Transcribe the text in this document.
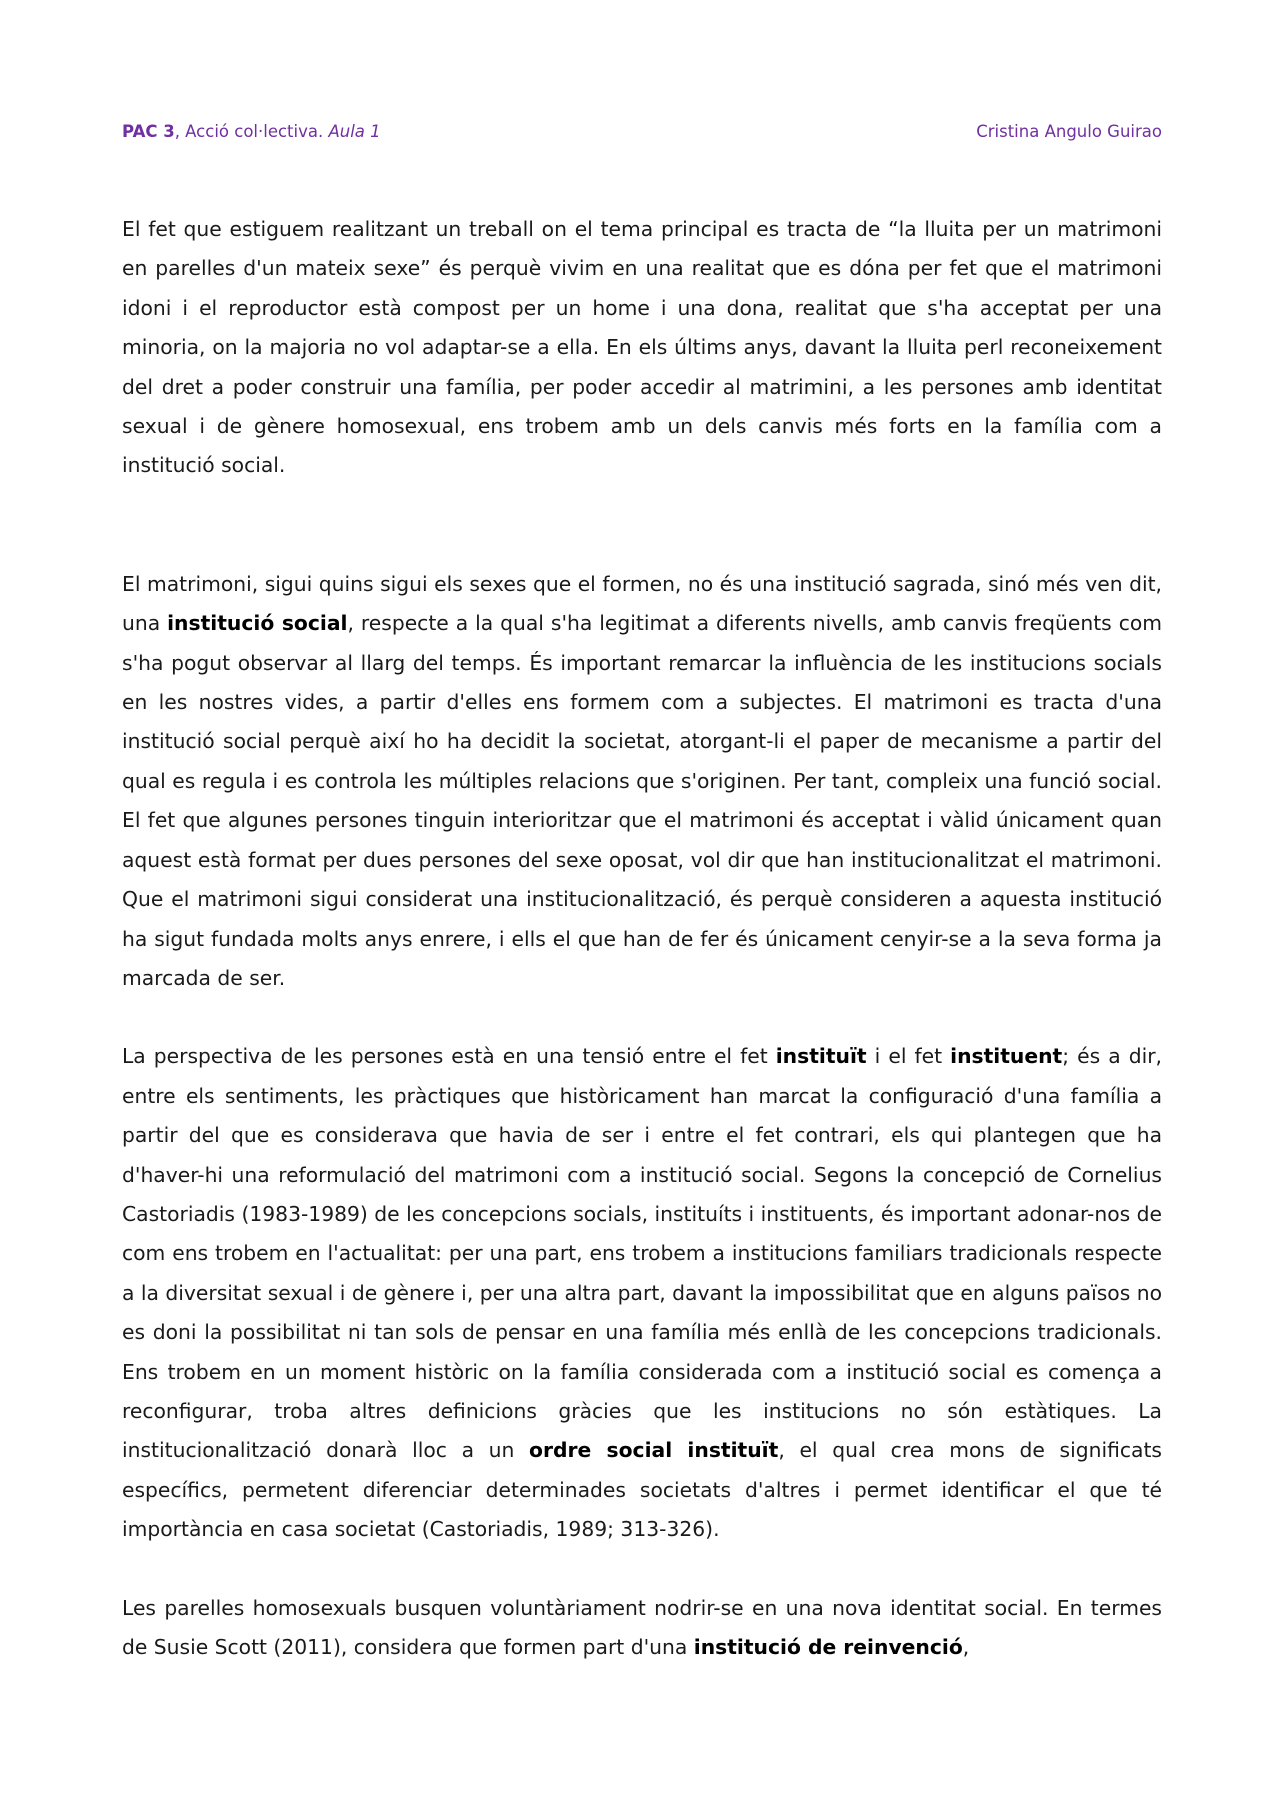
PAC 3, Acció col·lectiva. Aula 1	Cristina Angulo Guirao

El fet que estiguem realitzant un treball on el tema principal es tracta de “la lluita per un matrimoni en parelles d'un mateix sexe” és perquè vivim en una realitat que es dóna per fet que el matrimoni idoni i el reproductor està compost per un home i una dona, realitat que s'ha acceptat per una minoria, on la majoria no vol adaptar-se a ella. En els últims anys, davant la lluita perl reconeixement del dret a poder construir una família, per poder accedir al matrimini, a les persones amb identitat sexual i de gènere homosexual, ens trobem amb un dels canvis més forts en la família com a institució social.

El matrimoni, sigui quins sigui els sexes que el formen, no és una institució sagrada, sinó més ven dit, una institució social, respecte a la qual s'ha legitimat a diferents nivells, amb canvis freqüents com s'ha pogut observar al llarg del temps. És important remarcar la influència de les institucions socials en les nostres vides, a partir d'elles ens formem com a subjectes. El matrimoni es tracta d'una institució social perquè així ho ha decidit la societat, atorgant-li el paper de mecanisme a partir del qual es regula i es controla les múltiples relacions que s'originen. Per tant, compleix una funció social. El fet que algunes persones tinguin interioritzar que el matrimoni és acceptat i vàlid únicament quan aquest està format per dues persones del sexe oposat, vol dir que han institucionalitzat el matrimoni. Que el matrimoni sigui considerat una institucionalització, és perquè consideren a aquesta institució ha sigut fundada molts anys enrere, i ells el que han de fer és únicament cenyir-se a la seva forma ja marcada de ser.

La perspectiva de les persones està en una tensió entre el fet instituït i el fet instituent; és a dir, entre els sentiments, les pràctiques que històricament han marcat la configuració d'una família a partir del que es considerava que havia de ser i entre el fet contrari, els qui plantegen que ha d'haver-hi una reformulació del matrimoni com a institució social. Segons la concepció de Cornelius Castoriadis (1983-1989) de les concepcions socials, instituíts i instituents, és important adonar-nos de com ens trobem en l'actualitat: per una part, ens trobem a institucions familiars tradicionals respecte a la diversitat sexual i de gènere i, per una altra part, davant la impossibilitat que en alguns països no es doni la possibilitat ni tan sols de pensar en una família més enllà de les concepcions tradicionals. Ens trobem en un moment històric on la família considerada com a institució social es comença a reconfigurar, troba altres definicions gràcies que les institucions no són estàtiques. La institucionalització donarà lloc a un ordre social instituït, el qual crea mons de significats específics, permetent diferenciar determinades societats d'altres i permet identificar el que té importància en casa societat (Castoriadis, 1989; 313-326).

Les parelles homosexuals busquen voluntàriament nodrir-se en una nova identitat social. En termes de Susie Scott (2011), considera que formen part d'una institució de reinvenció,
